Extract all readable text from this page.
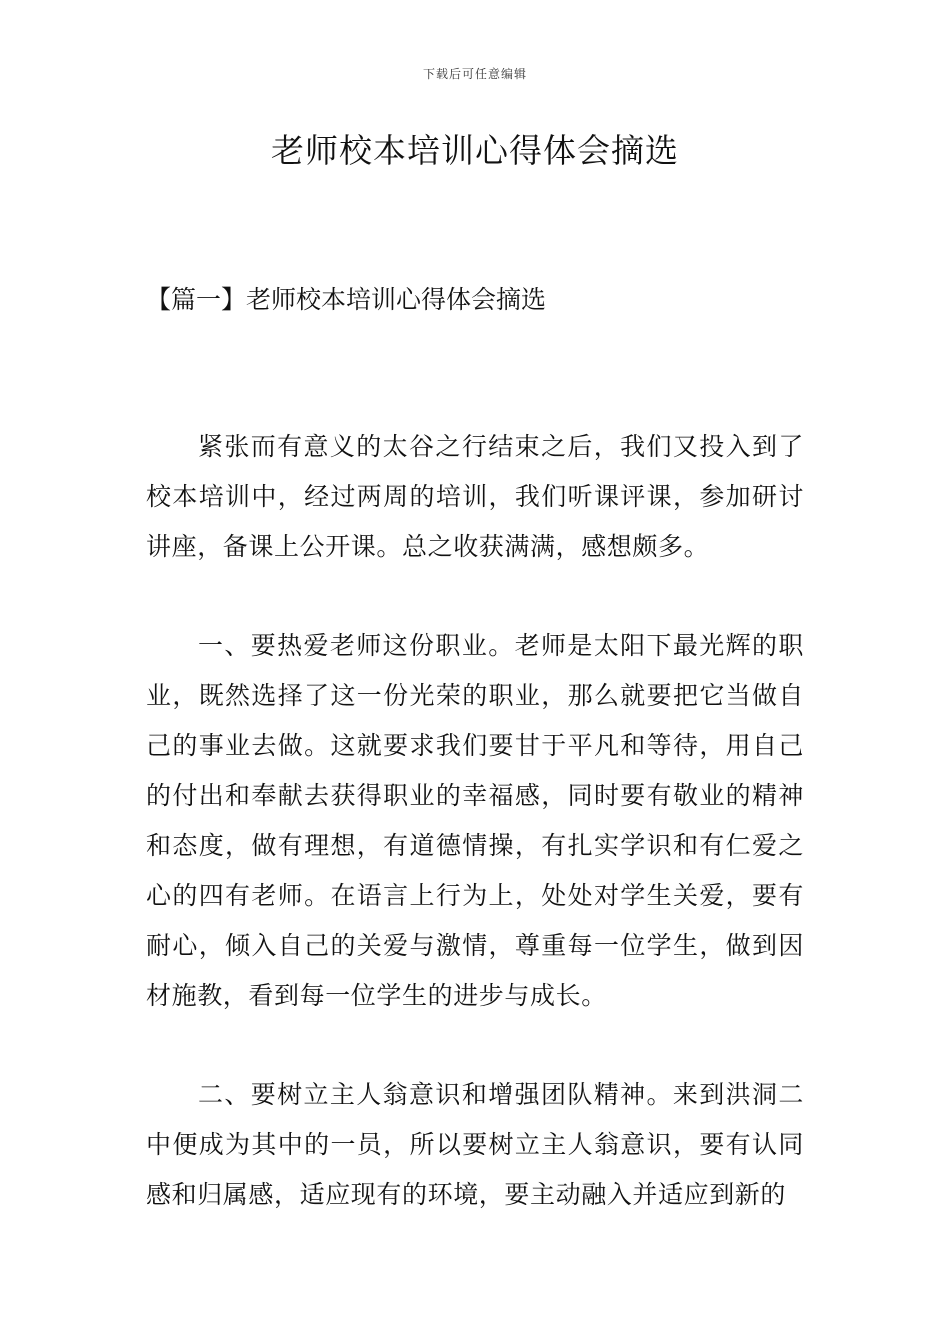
下载后可任意编辑
老师校本培训心得体会摘选
【篇一】老师校本培训心得体会摘选

紧张而有意义的太谷之行结束之后，我们又投入到了校本培训中，经过两周的培训，我们听课评课，参加研讨讲座，备课上公开课。总之收获满满，感想颇多。

一、要热爱老师这份职业。老师是太阳下最光辉的职业，既然选择了这一份光荣的职业，那么就要把它当做自己的事业去做。这就要求我们要甘于平凡和等待，用自己的付出和奉献去获得职业的幸福感，同时要有敬业的精神和态度，做有理想，有道德情操，有扎实学识和有仁爱之心的四有老师。在语言上行为上，处处对学生关爱，要有耐心，倾入自己的关爱与激情，尊重每一位学生，做到因材施教，看到每一位学生的进步与成长。

二、要树立主人翁意识和增强团队精神。来到洪洞二中便成为其中的一员，所以要树立主人翁意识，要有认同感和归属感，适应现有的环境，要主动融入并适应到新的
